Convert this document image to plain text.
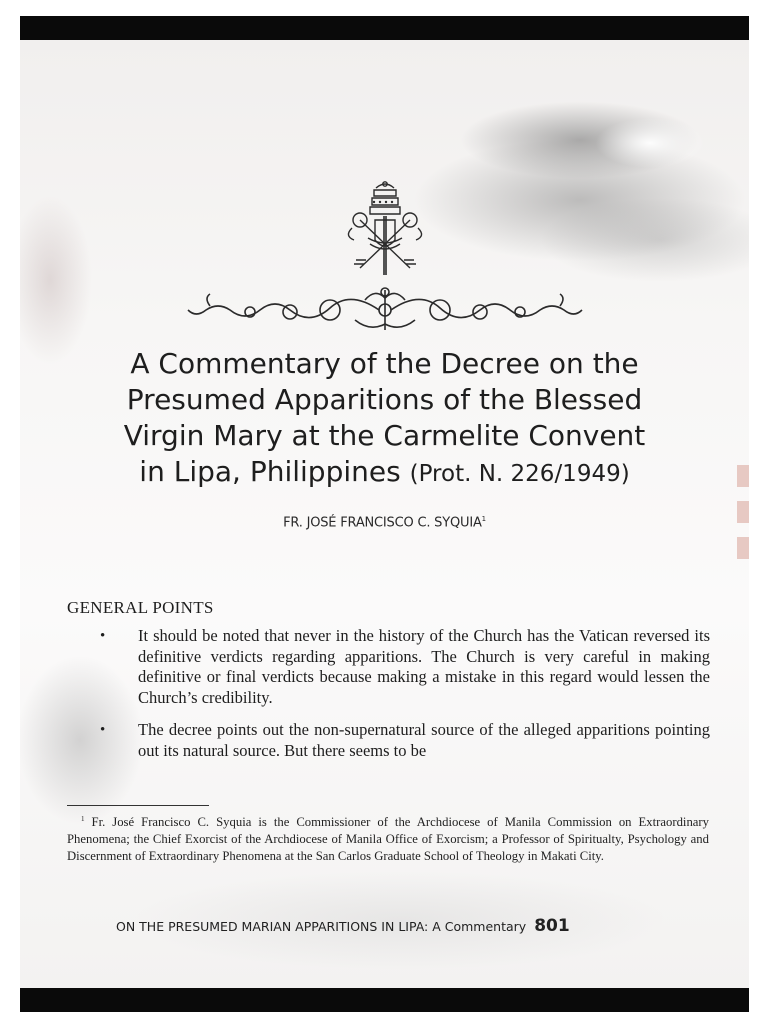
A Commentary of the Decree on the
Presumed Apparitions of the Blessed
Virgin Mary at the Carmelite Convent
in Lipa, Philippines (Prot. N. 226/1949)
FR. JOSÉ FRANCISCO C. SYQUIA$^1$
GENERAL POINTS
• It should be noted that never in the history of the Church has the Vatican reversed its definitive verdicts regarding apparitions. The Church is very careful in making definitive or final verdicts because making a mistake in this regard would lessen the Church’s credibility.
• The decree points out the non-supernatural source of the alleged apparitions pointing out its natural source. But there seems to be
$^1$ Fr. José Francisco C. Syquia is the Commissioner of the Archdiocese of Manila Commission on Extraordinary Phenomena; the Chief Exorcist of the Archdiocese of Manila Office of Exorcism; a Professor of Spiritualty, Psychology and Discernment of Extraordinary Phenomena at the San Carlos Graduate School of Theology in Makati City.
ON THE PRESUMED MARIAN APPARITIONS IN LIPA: A Commentary 801
